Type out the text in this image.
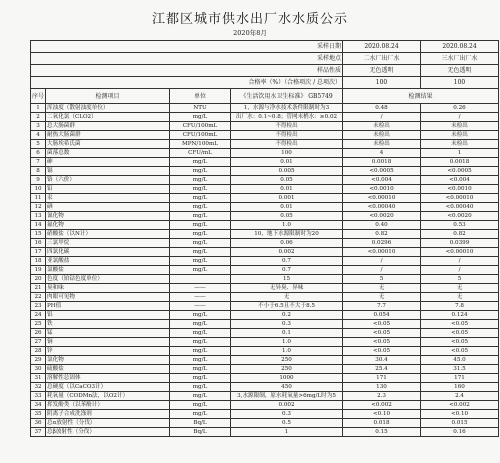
江都区城市供水出厂水水质公示
2020年8月
采样日期				2020.08.24	2020.08.24
采样地点				二水厂出厂水	三水厂出厂水
样品性质				无色透明	无色透明
合格率（%）（合格项次 / 总项次）				100	100
序号	检测项目	单位	《生活饮用水卫生标准》 GB5749	检测结果	
1	浑浊度（散射浊度单位）	NTU	1，水源与净水技术条件限制时为3	0.48	0.26
2	二氧化氯（CLO2）	mg/L	出厂水：0.1~0.8；管网末梢水：≥0.02	/	/
3	总大肠菌群	CFU/100mL	不得检出	未检出	未检出
4	耐热大肠菌群	CFU/100mL	不得检出	未检出	未检出
5	大肠埃希氏菌	MPN/100mL	不得检出	未检出	未检出
6	菌落总数	CFU/mL	100	4	1
7	砷	mg/L	0.01	0.0018	0.0018
8	镉	mg/L	0.005	<0.0005	<0.0005
9	铬（六价）	mg/L	0.05	<0.004	<0.004
10	铅	mg/L	0.01	<0.0010	<0.0010
11	汞	mg/L	0.001	<0.00010	<0.00010
12	硒	mg/L	0.01	<0.00040	<0.00040
13	氰化物	mg/L	0.05	<0.0020	<0.0020
14	氟化物	mg/L	1.0	0.40	0.53
15	硝酸盐（以N计）	mg/L	10，地下水源限制时为20	0.82	0.82
16	三氯甲烷	mg/L	0.06	0.0296	0.0399
17	四氯化碳	mg/L	0.002	<0.00010	<0.00010
18	亚氯酸盐	mg/L	0.7	/	/
19	氯酸盐	mg/L	0.7	/	/
20	色度（铂钴色度单位）		15	5	5
21	臭和味	——	无异臭、异味	无	无
22	肉眼可见物	——	无	无	无
23	PH值	——	不小于6.5且不大于8.5	7.7	7.8
24	铝	mg/L	0.2	0.054	0.124
25	铁	mg/L	0.3	<0.05	<0.05
26	锰	mg/L	0.1	<0.05	<0.05
27	铜	mg/L	1.0	<0.05	<0.05
28	锌	mg/L	1.0	<0.05	<0.05
29	氯化物	mg/L	250	30.4	45.0
30	硫酸盐	mg/L	250	25.4	31.5
31	溶解性总固体	mg/L	1000	171	171
32	总硬度（以CaCO3计）	mg/L	450	130	160
33	耗氧量（CODMn法，以O2计）	mg/L	3,水源限制，原水耗氧量>6mg/L时为5	2.3	2.4
34	挥发酚类（以苯酚计）	mg/L	0.002	<0.002	<0.002
35	阴离子合成洗涤剂	mg/L	0.3	<0.10	<0.10
36	总α放射性（分伐）	Bq/L	0.5	0.018	0.015
37	总β放射性（分伐）	Bq/L	1	0.15	0.16
